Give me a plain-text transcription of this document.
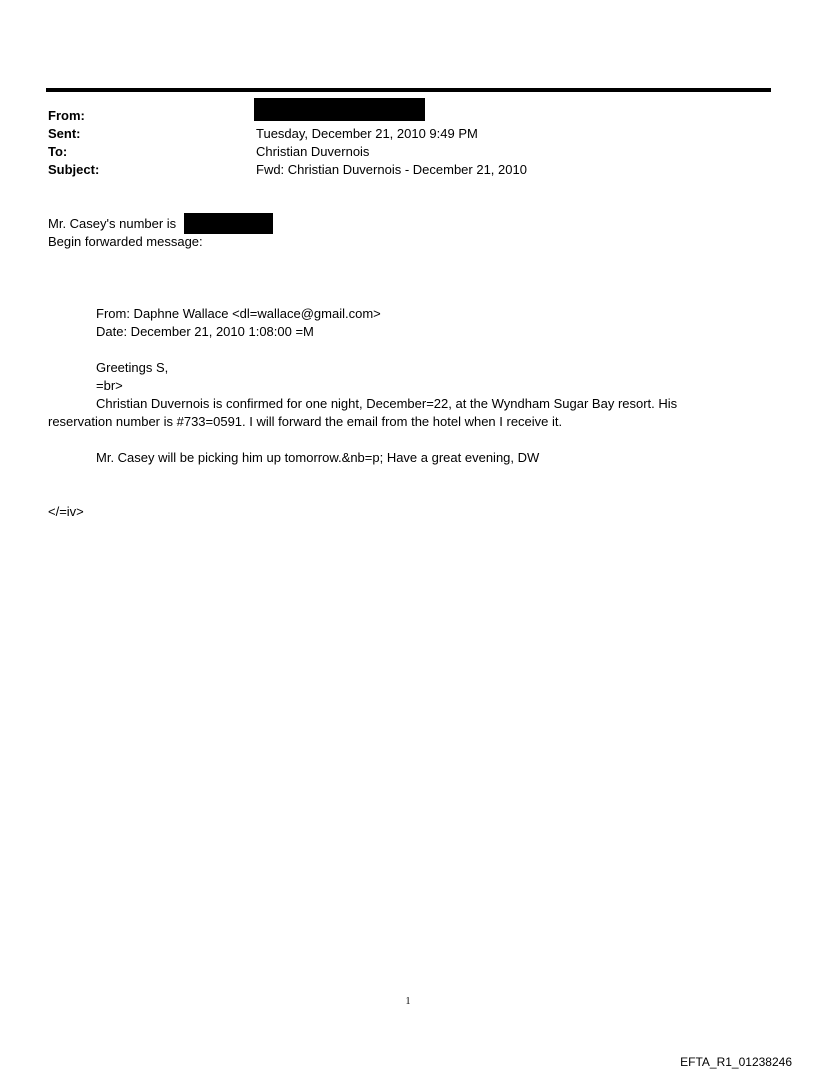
From:
Sent:
To:
Subject:
Tuesday, December 21, 2010 9:49 PM
Christian Duvernois
Fwd: Christian Duvernois - December 21, 2010
Mr. Casey's number is
Begin forwarded message:
From: Daphne Wallace <dl=wallace@gmail.com>
Date: December 21, 2010 1:08:00 =M
Greetings S,
=br>
Christian Duvernois is confirmed for one night, December=22, at the Wyndham Sugar Bay resort. His
reservation number is #733=0591. I will forward the email from the hotel when I receive it.
Mr. Casey will be picking him up tomorrow.&nb=p; Have a great evening, DW
</=iv>
1
EFTA_R1_01238246
